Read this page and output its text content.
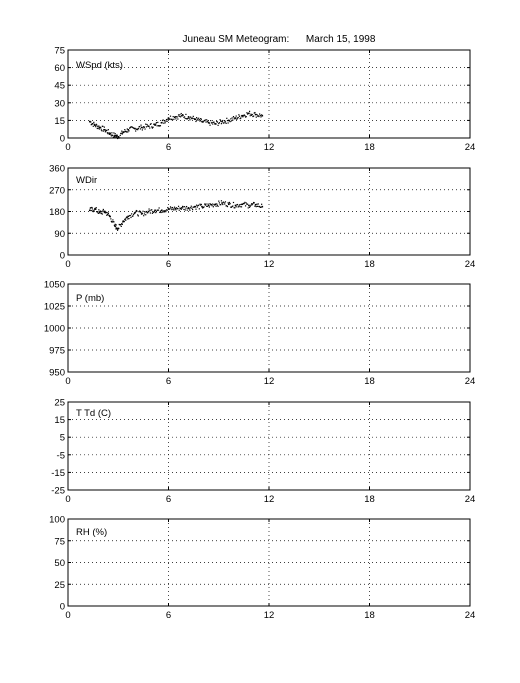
Juneau SM Meteogram:      March 15, 1998
WSpd (kts)
0	6	12	18	24
0
15
30
45
60
75
WDir
0	6	12	18	24
0
90
180
270
360
P (mb)
0	6	12	18	24
950
975
1000
1025
1050
T Td (C)
0	6	12	18	24
-25
-15
-5
5
15
25
RH (%)
0	6	12	18	24
0
25
50
75
100
